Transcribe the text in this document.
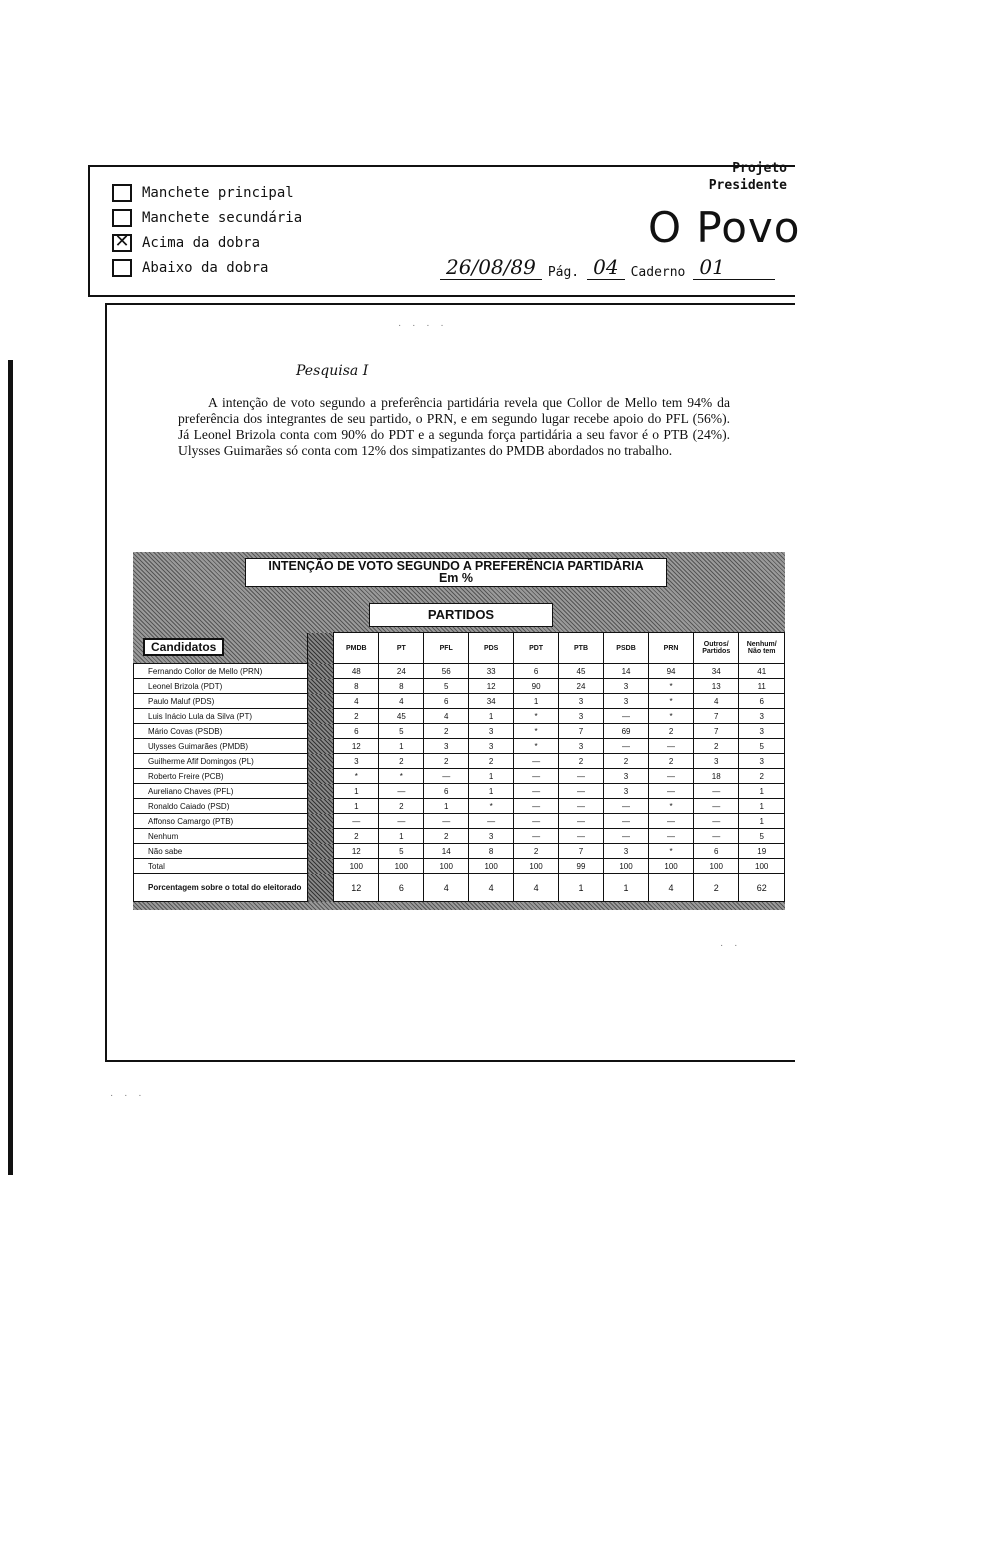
Manchete principal
Manchete secundária
✕ Acima da dobra
Abaixo da dobra
Projeto
Presidente
O Povo
26/08/89 Pág. 04 Caderno 01
· · · ·
Pesquisa I
A intenção de voto segundo a preferência partidária revela que Collor de Mello tem 94% da preferência dos integrantes de seu partido, o PRN, e em segundo lugar recebe apoio do PFL (56%). Já Leonel Brizola conta com 90% do PDT e a segunda força partidária a seu favor é o PTB (24%). Ulysses Guimarães só conta com 12% dos simpatizantes do PMDB abordados no trabalho.
INTENÇÃO DE VOTO SEGUNDO A PREFERÊNCIA PARTIDÁRIA
Em %
PARTIDOS
		PMDB	PT	PFL	PDS	PDT	PTB	PSDB	PRN	Outros/ Partidos	Nenhum/ Não tem
Fernando Collor de Mello (PRN)		48	24	56	33	6	45	14	94	34	41
Leonel Brizola (PDT)		8	8	5	12	90	24	3	*	13	11
Paulo Maluf (PDS)		4	4	6	34	1	3	3	*	4	6
Luis Inácio Lula da Silva (PT)		2	45	4	1	*	3	—	*	7	3
Mário Covas (PSDB)		6	5	2	3	*	7	69	2	7	3
Ulysses Guimarães (PMDB)		12	1	3	3	*	3	—	—	2	5
Guilherme Afif Domingos (PL)		3	2	2	2	—	2	2	2	3	3
Roberto Freire (PCB)		*	*	—	1	—	—	3	—	18	2
Aureliano Chaves (PFL)		1	—	6	1	—	—	3	—	—	1
Ronaldo Caiado (PSD)		1	2	1	*	—	—	—	*	—	1
Affonso Camargo (PTB)		—	—	—	—	—	—	—	—	—	1
Nenhum		2	1	2	3	—	—	—	—	—	5
Não sabe		12	5	14	8	2	7	3	*	6	19
Total		100	100	100	100	100	99	100	100	100	100
Porcentagem sobre o total do eleitorado		12	6	4	4	4	1	1	4	2	62
Candidatos
· ·
· · ·
